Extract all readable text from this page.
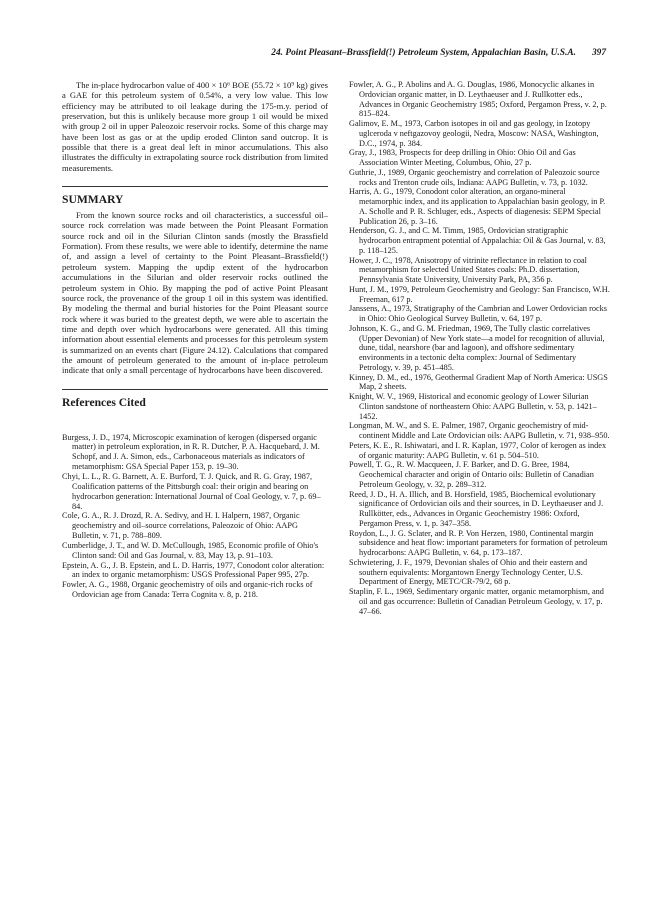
24. Point Pleasant–Brassfield(!) Petroleum System, Appalachian Basin, U.S.A. 397

The in-place hydrocarbon value of 400 × 10⁶ BOE (55.72 × 10⁹ kg) gives a GAE for this petroleum system of 0.54%, a very low value. This low efficiency may be attributed to oil leakage during the 175-m.y. period of preservation, but this is unlikely because more group 1 oil would be mixed with group 2 oil in upper Paleozoic reservoir rocks. Some of this charge may have been lost as gas or at the updip eroded Clinton sand outcrop. It is possible that there is a great deal left in minor accumulations. This also illustrates the difficulty in extrapolating source rock distribution from limited measurements.

SUMMARY

From the known source rocks and oil characteristics, a successful oil–source rock correlation was made between the Point Pleasant Formation source rock and oil in the Silurian Clinton sands (mostly the Brassfield Formation). From these results, we were able to identify, determine the name of, and assign a level of certainty to the Point Pleasant–Brassfield(!) petroleum system. Mapping the updip extent of the hydrocarbon accumulations in the Silurian and older reservoir rocks outlined the petroleum system in Ohio. By mapping the pod of active Point Pleasant source rock, the provenance of the group 1 oil in this system was identified. By modeling the thermal and burial histories for the Point Pleasant source rock where it was buried to the greatest depth, we were able to ascertain the time and depth over which hydrocarbons were generated. All this timing information about essential elements and processes for this petroleum system is summarized on an events chart (Figure 24.12). Calculations that compared the amount of petroleum generated to the amount of in-place petroleum indicate that only a small percentage of hydrocarbons have been discovered.

References Cited
Burgess, J. D., 1974, Microscopic examination of kerogen (dispersed organic matter) in petroleum exploration, in R. R. Dutcher, P. A. Hacquebard, J. M. Schopf, and J. A. Simon, eds., Carbonaceous materials as indicators of metamorphism: GSA Special Paper 153, p. 19–30.
Chyi, L. L., R. G. Barnett, A. E. Burford, T. J. Quick, and R. G. Gray, 1987, Coalification patterns of the Pittsburgh coal: their origin and bearing on hydrocarbon generation: International Journal of Coal Geology, v. 7, p. 69–84.
Cole, G. A., R. J. Drozd, R. A. Sedivy, and H. I. Halpern, 1987, Organic geochemistry and oil–source correlations, Paleozoic of Ohio: AAPG Bulletin, v. 71, p. 788–809.
Cumberlidge, J. T., and W. D. McCullough, 1985, Economic profile of Ohio's Clinton sand: Oil and Gas Journal, v. 83, May 13, p. 91–103.
Epstein, A. G., J. B. Epstein, and L. D. Harris, 1977, Conodont color alteration: an index to organic metamorphism: USGS Professional Paper 995, 27p.
Fowler, A. G., 1988, Organic geochemistry of oils and organic-rich rocks of Ordovician age from Canada: Terra Cognita v. 8, p. 218.
Fowler, A. G., P. Abolins and A. G. Douglas, 1986, Monocyclic alkanes in Ordovician organic matter, in D. Leythaeuser and J. Rullkotter eds., Advances in Organic Geochemistry 1985; Oxford, Pergamon Press, v. 2, p. 815–824.
Galimov, E. M., 1973, Carbon isotopes in oil and gas geology, in Izotopy uglceroda v neftgazovoy geologii, Nedra, Moscow: NASA, Washington, D.C., 1974, p. 384.
Gray, J., 1983, Prospects for deep drilling in Ohio: Ohio Oil and Gas Association Winter Meeting, Columbus, Ohio, 27 p.
Guthrie, J., 1989, Organic geochemistry and correlation of Paleozoic source rocks and Trenton crude oils, Indiana: AAPG Bulletin, v. 73, p. 1032.
Harris, A. G., 1979, Conodont color alteration, an organo-mineral metamorphic index, and its application to Appalachian basin geology, in P. A. Scholle and P. R. Schluger, eds., Aspects of diagenesis: SEPM Special Publication 26, p. 3–16.
Henderson, G. J., and C. M. Timm, 1985, Ordovician stratigraphic hydrocarbon entrapment potential of Appalachia: Oil & Gas Journal, v. 83, p. 118–125.
Hower, J. C., 1978, Anisotropy of vitrinite reflectance in relation to coal metamorphism for selected United States coals: Ph.D. dissertation, Pennsylvania State University, University Park, PA, 356 p.
Hunt, J. M., 1979, Petroleum Geochemistry and Geology: San Francisco, W.H. Freeman, 617 p.
Janssens, A., 1973, Stratigraphy of the Cambrian and Lower Ordovician rocks in Ohio: Ohio Geological Survey Bulletin, v. 64, 197 p.
Johnson, K. G., and G. M. Friedman, 1969, The Tully clastic correlatives (Upper Devonian) of New York state—a model for recognition of alluvial, dune, tidal, nearshore (bar and lagoon), and offshore sedimentary environments in a tectonic delta complex: Journal of Sedimentary Petrology, v. 39, p. 451–485.
Kinney, D. M., ed., 1976, Geothermal Gradient Map of North America: USGS Map, 2 sheets.
Knight, W. V., 1969, Historical and economic geology of Lower Silurian Clinton sandstone of northeastern Ohio: AAPG Bulletin, v. 53, p. 1421–1452.
Longman, M. W., and S. E. Palmer, 1987, Organic geochemistry of mid-continent Middle and Late Ordovician oils: AAPG Bulletin, v. 71, 938–950.
Peters, K. E., R. Ishiwatari, and I. R. Kaplan, 1977, Color of kerogen as index of organic maturity: AAPG Bulletin, v. 61 p. 504–510.
Powell, T. G., R. W. Macqueen, J. F. Barker, and D. G. Bree, 1984, Geochemical character and origin of Ontario oils: Bulletin of Canadian Petroleum Geology, v. 32, p. 289–312.
Reed, J. D., H. A. Illich, and B. Horsfield, 1985, Biochemical evolutionary significance of Ordovician oils and their sources, in D. Leythaeuser and J. Rullkötter, eds., Advances in Organic Geochemistry 1986: Oxford, Pergamon Press, v. 1, p. 347–358.
Roydon, L., J. G. Sclater, and R. P. Von Herzen, 1980, Continental margin subsidence and heat flow: important parameters for formation of petroleum hydrocarbons: AAPG Bulletin, v. 64, p. 173–187.
Schwietering, J. F., 1979, Devonian shales of Ohio and their eastern and southern equivalents: Morgantown Energy Technology Center, U.S. Department of Energy, METC/CR-79/2, 68 p.
Staplin, F. L., 1969, Sedimentary organic matter, organic metamorphism, and oil and gas occurrence: Bulletin of Canadian Petroleum Geology, v. 17, p. 47–66.
